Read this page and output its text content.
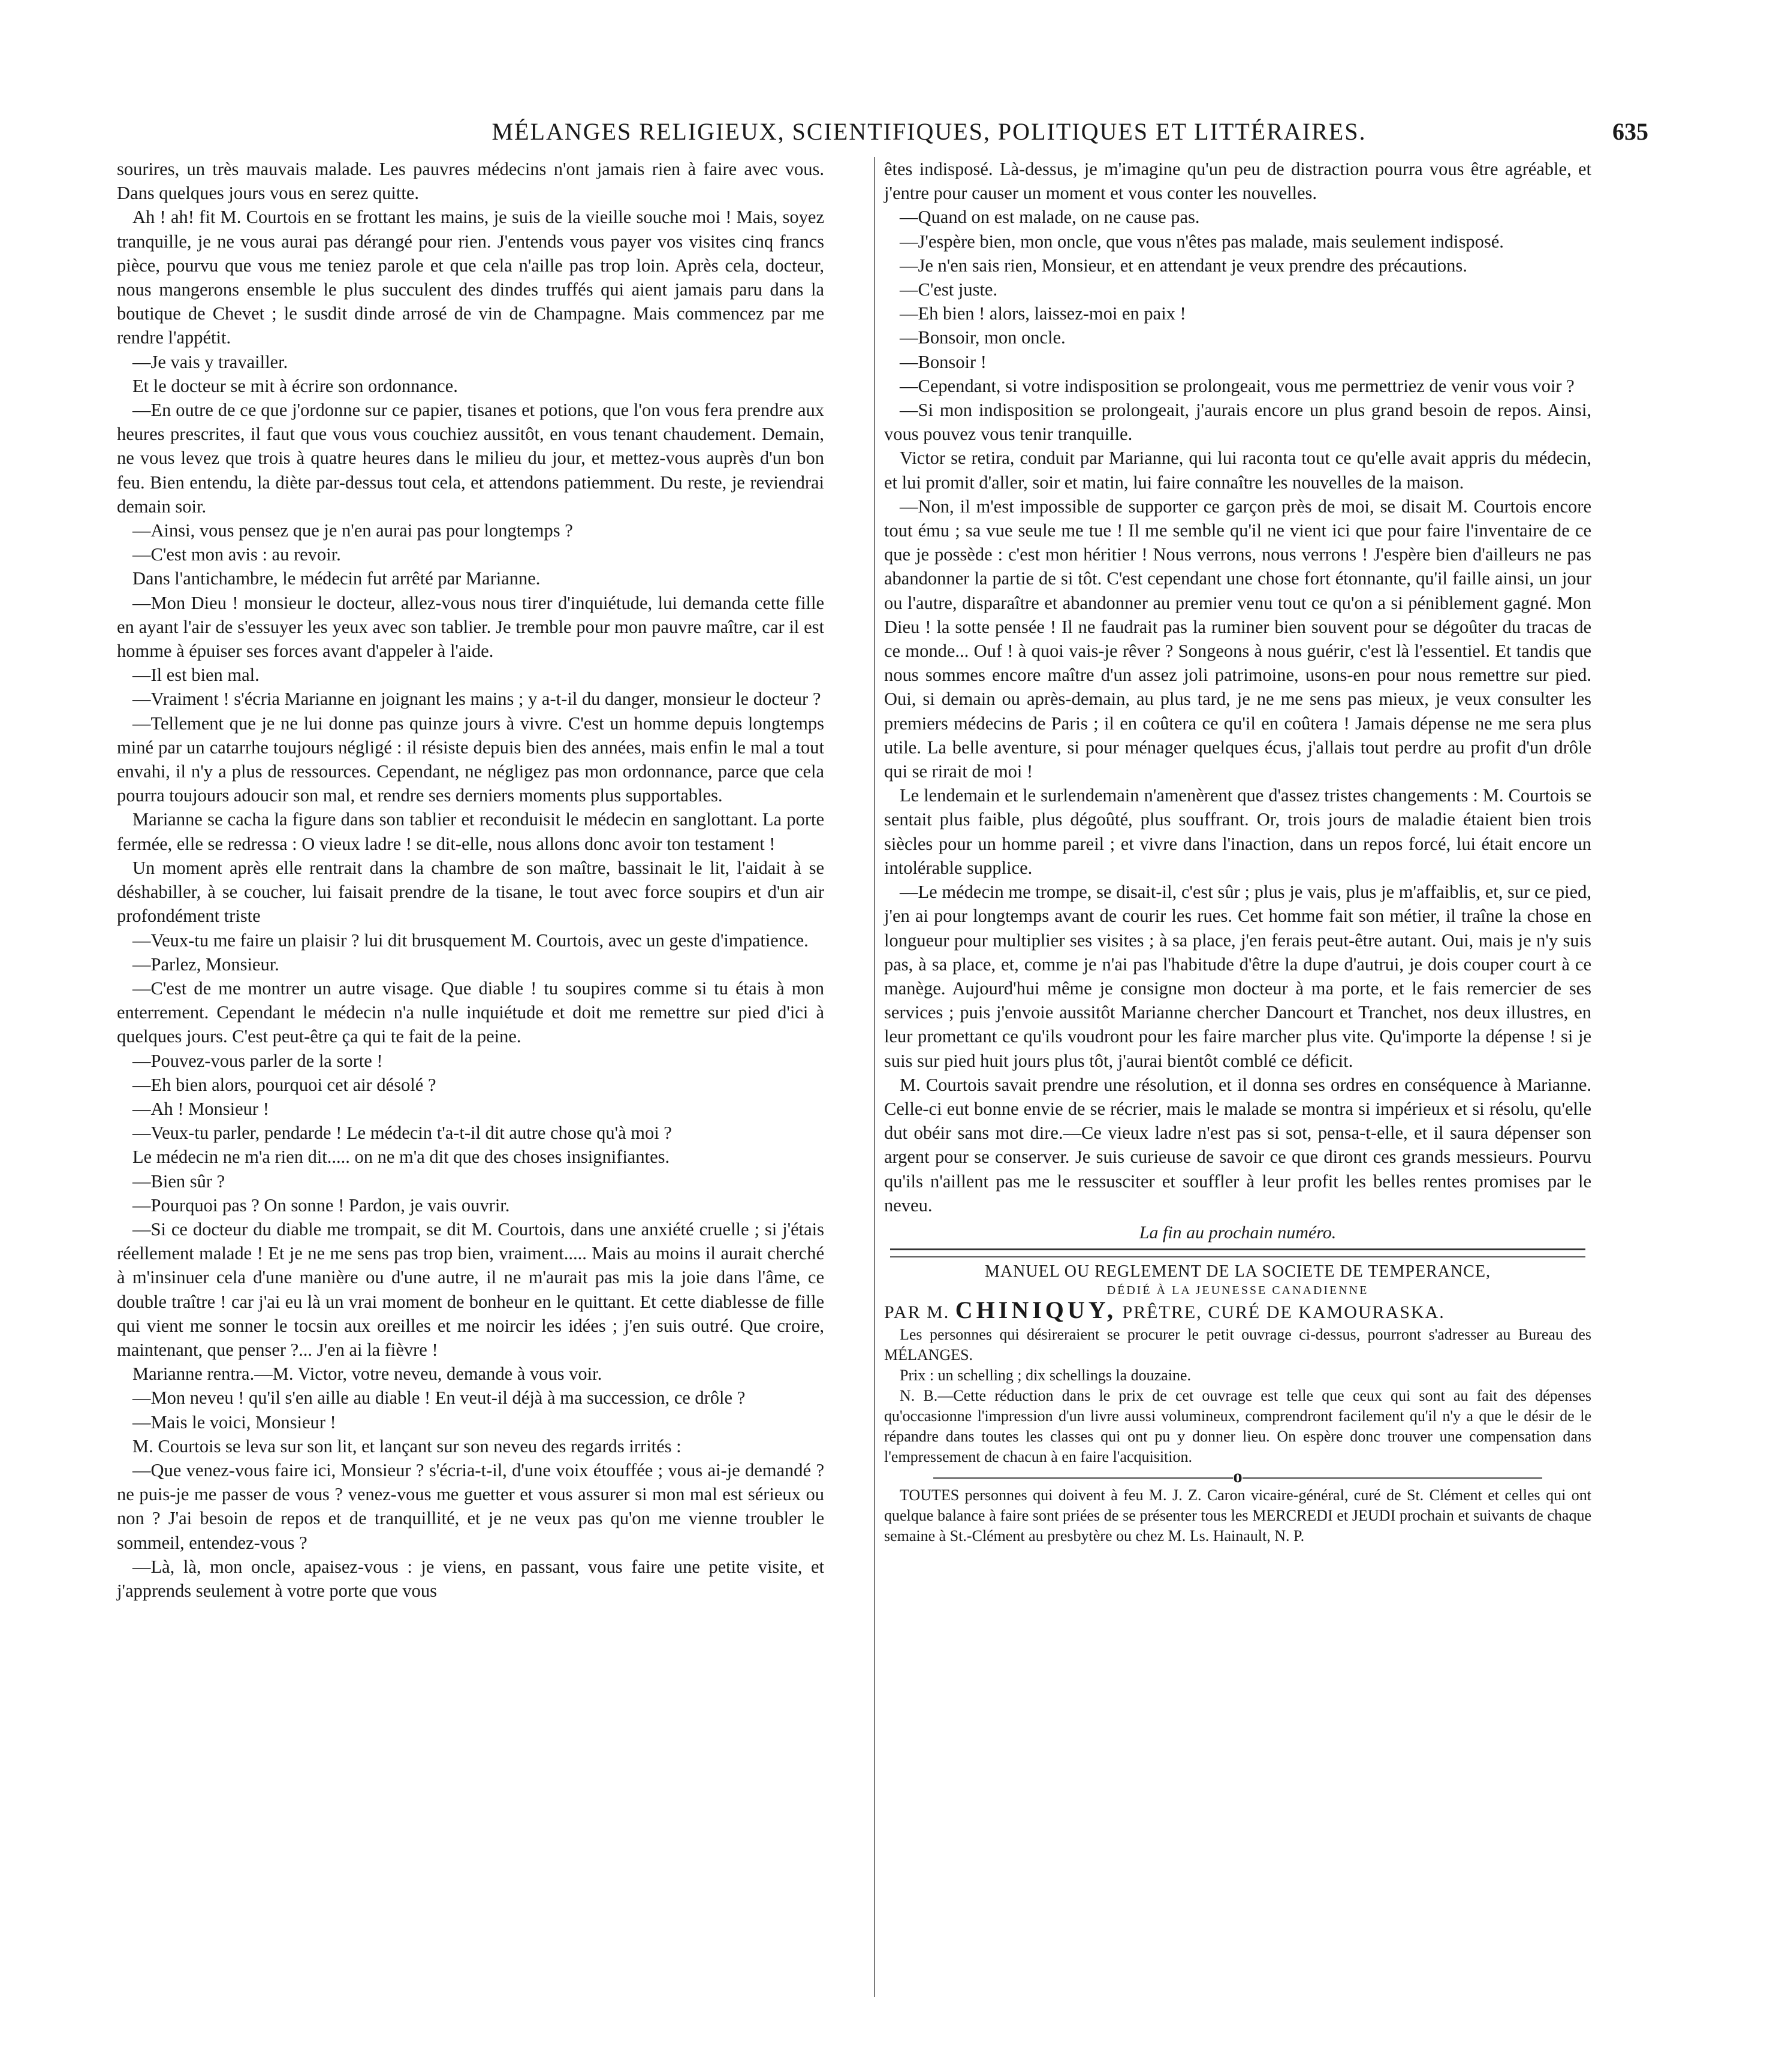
MÉLANGES RELIGIEUX, SCIENTIFIQUES, POLITIQUES ET LITTÉRAIRES.	635

sourires, un très mauvais malade. Les pauvres médecins n'ont jamais rien à faire avec vous. Dans quelques jours vous en serez quitte.

Ah ! ah! fit M. Courtois en se frottant les mains, je suis de la vieille souche moi ! Mais, soyez tranquille, je ne vous aurai pas dérangé pour rien. J'entends vous payer vos visites cinq francs pièce, pourvu que vous me teniez parole et que cela n'aille pas trop loin. Après cela, docteur, nous mangerons ensemble le plus succulent des dindes truffés qui aient jamais paru dans la boutique de Chevet ; le susdit dinde arrosé de vin de Champagne. Mais commencez par me rendre l'appétit.

—Je vais y travailler.

Et le docteur se mit à écrire son ordonnance.

—En outre de ce que j'ordonne sur ce papier, tisanes et potions, que l'on vous fera prendre aux heures prescrites, il faut que vous vous couchiez aussitôt, en vous tenant chaudement. Demain, ne vous levez que trois à quatre heures dans le milieu du jour, et mettez-vous auprès d'un bon feu. Bien entendu, la diète par-dessus tout cela, et attendons patiemment. Du reste, je reviendrai demain soir.

—Ainsi, vous pensez que je n'en aurai pas pour longtemps ?

—C'est mon avis : au revoir.

Dans l'antichambre, le médecin fut arrêté par Marianne.

—Mon Dieu ! monsieur le docteur, allez-vous nous tirer d'inquiétude, lui demanda cette fille en ayant l'air de s'essuyer les yeux avec son tablier. Je tremble pour mon pauvre maître, car il est homme à épuiser ses forces avant d'appeler à l'aide.

—Il est bien mal.

—Vraiment ! s'écria Marianne en joignant les mains ; y a-t-il du danger, monsieur le docteur ?

—Tellement que je ne lui donne pas quinze jours à vivre. C'est un homme depuis longtemps miné par un catarrhe toujours négligé : il résiste depuis bien des années, mais enfin le mal a tout envahi, il n'y a plus de ressources. Cependant, ne négligez pas mon ordonnance, parce que cela pourra toujours adoucir son mal, et rendre ses derniers moments plus supportables.

Marianne se cacha la figure dans son tablier et reconduisit le médecin en sanglottant. La porte fermée, elle se redressa : O vieux ladre ! se dit-elle, nous allons donc avoir ton testament !

Un moment après elle rentrait dans la chambre de son maître, bassinait le lit, l'aidait à se déshabiller, à se coucher, lui faisait prendre de la tisane, le tout avec force soupirs et d'un air profondément triste

—Veux-tu me faire un plaisir ? lui dit brusquement M. Courtois, avec un geste d'impatience.

—Parlez, Monsieur.

—C'est de me montrer un autre visage. Que diable ! tu soupires comme si tu étais à mon enterrement. Cependant le médecin n'a nulle inquiétude et doit me remettre sur pied d'ici à quelques jours. C'est peut-être ça qui te fait de la peine.

—Pouvez-vous parler de la sorte !

—Eh bien alors, pourquoi cet air désolé ?

—Ah ! Monsieur !

—Veux-tu parler, pendarde ! Le médecin t'a-t-il dit autre chose qu'à moi ?

Le médecin ne m'a rien dit..... on ne m'a dit que des choses insignifiantes.

—Bien sûr ?

—Pourquoi pas ? On sonne ! Pardon, je vais ouvrir.

—Si ce docteur du diable me trompait, se dit M. Courtois, dans une anxiété cruelle ; si j'étais réellement malade ! Et je ne me sens pas trop bien, vraiment..... Mais au moins il aurait cherché à m'insinuer cela d'une manière ou d'une autre, il ne m'aurait pas mis la joie dans l'âme, ce double traître ! car j'ai eu là un vrai moment de bonheur en le quittant. Et cette diablesse de fille qui vient me sonner le tocsin aux oreilles et me noircir les idées ; j'en suis outré. Que croire, maintenant, que penser ?... J'en ai la fièvre !

Marianne rentra.—M. Victor, votre neveu, demande à vous voir.

—Mon neveu ! qu'il s'en aille au diable ! En veut-il déjà à ma succession, ce drôle ?

—Mais le voici, Monsieur !

M. Courtois se leva sur son lit, et lançant sur son neveu des regards irrités :

—Que venez-vous faire ici, Monsieur ? s'écria-t-il, d'une voix étouffée ; vous ai-je demandé ? ne puis-je me passer de vous ? venez-vous me guetter et vous assurer si mon mal est sérieux ou non ? J'ai besoin de repos et de tranquillité, et je ne veux pas qu'on me vienne troubler le sommeil, entendez-vous ?

—Là, là, mon oncle, apaisez-vous : je viens, en passant, vous faire une petite visite, et j'apprends seulement à votre porte que vous

êtes indisposé. Là-dessus, je m'imagine qu'un peu de distraction pourra vous être agréable, et j'entre pour causer un moment et vous conter les nouvelles.

—Quand on est malade, on ne cause pas.

—J'espère bien, mon oncle, que vous n'êtes pas malade, mais seulement indisposé.

—Je n'en sais rien, Monsieur, et en attendant je veux prendre des précautions.

—C'est juste.

—Eh bien ! alors, laissez-moi en paix !

—Bonsoir, mon oncle.

—Bonsoir !

—Cependant, si votre indisposition se prolongeait, vous me permettriez de venir vous voir ?

—Si mon indisposition se prolongeait, j'aurais encore un plus grand besoin de repos. Ainsi, vous pouvez vous tenir tranquille.

Victor se retira, conduit par Marianne, qui lui raconta tout ce qu'elle avait appris du médecin, et lui promit d'aller, soir et matin, lui faire connaître les nouvelles de la maison.

—Non, il m'est impossible de supporter ce garçon près de moi, se disait M. Courtois encore tout ému ; sa vue seule me tue ! Il me semble qu'il ne vient ici que pour faire l'inventaire de ce que je possède : c'est mon héritier ! Nous verrons, nous verrons ! J'espère bien d'ailleurs ne pas abandonner la partie de si tôt. C'est cependant une chose fort étonnante, qu'il faille ainsi, un jour ou l'autre, disparaître et abandonner au premier venu tout ce qu'on a si péniblement gagné. Mon Dieu ! la sotte pensée ! Il ne faudrait pas la ruminer bien souvent pour se dégoûter du tracas de ce monde... Ouf ! à quoi vais-je rêver ? Songeons à nous guérir, c'est là l'essentiel. Et tandis que nous sommes encore maître d'un assez joli patrimoine, usons-en pour nous remettre sur pied. Oui, si demain ou après-demain, au plus tard, je ne me sens pas mieux, je veux consulter les premiers médecins de Paris ; il en coûtera ce qu'il en coûtera ! Jamais dépense ne me sera plus utile. La belle aventure, si pour ménager quelques écus, j'allais tout perdre au profit d'un drôle qui se rirait de moi !

Le lendemain et le surlendemain n'amenèrent que d'assez tristes changements : M. Courtois se sentait plus faible, plus dégoûté, plus souffrant. Or, trois jours de maladie étaient bien trois siècles pour un homme pareil ; et vivre dans l'inaction, dans un repos forcé, lui était encore un intolérable supplice.

—Le médecin me trompe, se disait-il, c'est sûr ; plus je vais, plus je m'affaiblis, et, sur ce pied, j'en ai pour longtemps avant de courir les rues. Cet homme fait son métier, il traîne la chose en longueur pour multiplier ses visites ; à sa place, j'en ferais peut-être autant. Oui, mais je n'y suis pas, à sa place, et, comme je n'ai pas l'habitude d'être la dupe d'autrui, je dois couper court à ce manège. Aujourd'hui même je consigne mon docteur à ma porte, et le fais remercier de ses services ; puis j'envoie aussitôt Marianne chercher Dancourt et Tranchet, nos deux illustres, en leur promettant ce qu'ils voudront pour les faire marcher plus vite. Qu'importe la dépense ! si je suis sur pied huit jours plus tôt, j'aurai bientôt comblé ce déficit.

M. Courtois savait prendre une résolution, et il donna ses ordres en conséquence à Marianne. Celle-ci eut bonne envie de se récrier, mais le malade se montra si impérieux et si résolu, qu'elle dut obéir sans mot dire.—Ce vieux ladre n'est pas si sot, pensa-t-elle, et il saura dépenser son argent pour se conserver. Je suis curieuse de savoir ce que diront ces grands messieurs. Pourvu qu'ils n'aillent pas me le ressusciter et souffler à leur profit les belles rentes promises par le neveu.

La fin au prochain numéro.
MANUEL OU REGLEMENT DE LA SOCIETE DE TEMPERANCE,
DÉDIÉ À LA JEUNESSE CANADIENNE
PAR M. CHINIQUY, PRÊTRE, CURÉ DE KAMOURASKA.

Les personnes qui désireraient se procurer le petit ouvrage ci-dessus, pourront s'adresser au Bureau des MÉLANGES.

Prix : un schelling ; dix schellings la douzaine.

N. B.—Cette réduction dans le prix de cet ouvrage est telle que ceux qui sont au fait des dépenses qu'occasionne l'impression d'un livre aussi volumineux, comprendront facilement qu'il n'y a que le désir de le répandre dans toutes les classes qui ont pu y donner lieu. On espère donc trouver une compensation dans l'empressement de chacun à en faire l'acquisition.

o

TOUTES personnes qui doivent à feu M. J. Z. Caron vicaire-général, curé de St. Clément et celles qui ont quelque balance à faire sont priées de se présenter tous les MERCREDI et JEUDI prochain et suivants de chaque semaine à St.-Clément au presbytère ou chez M. Ls. Hainault, N. P.
